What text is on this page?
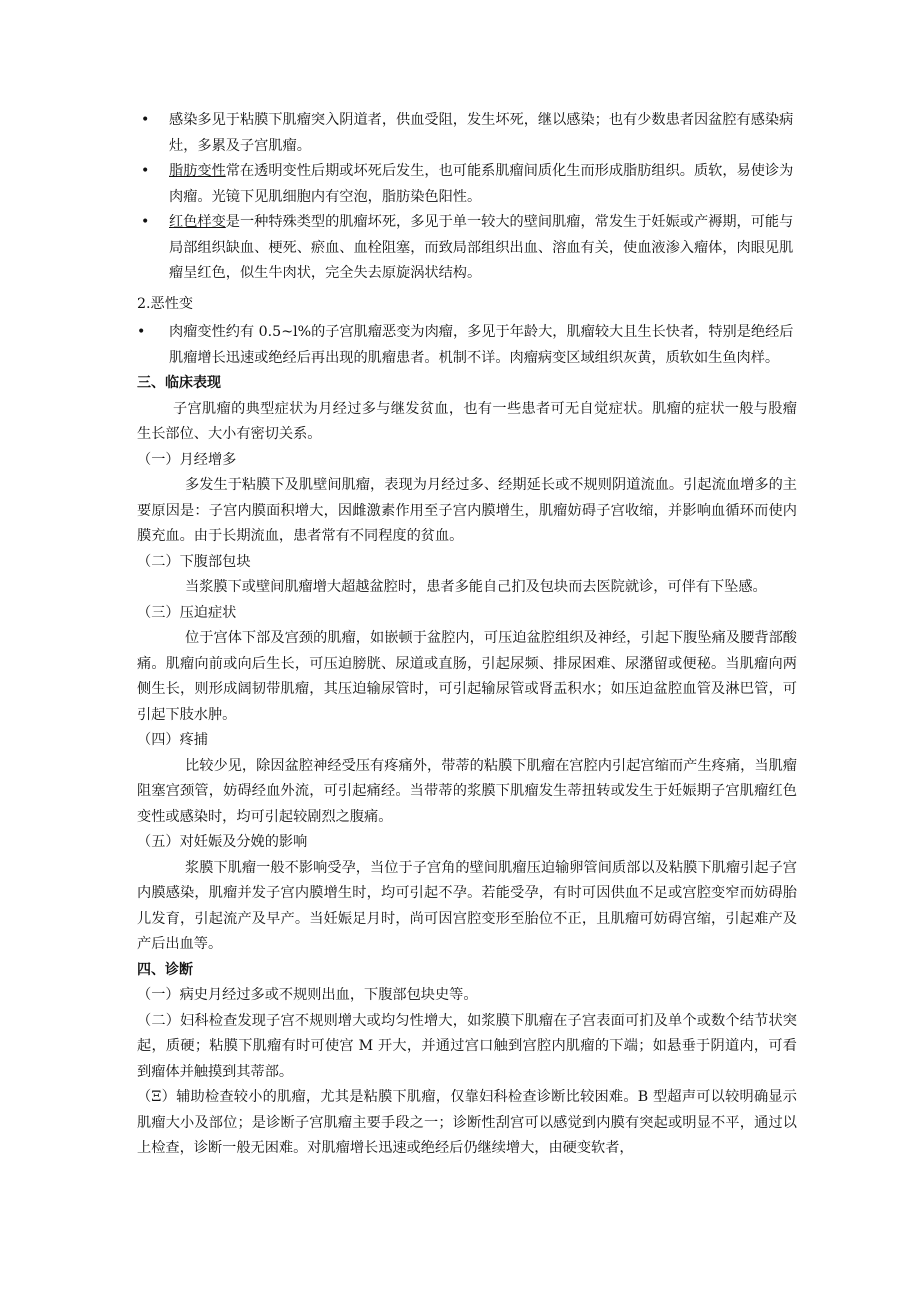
• 感染多见于粘膜下肌瘤突入阴道者，供血受阻，发生坏死，继以感染；也有少数患者因盆腔有感染病灶，多累及子宫肌瘤。
• 脂肪变性常在透明变性后期或坏死后发生，也可能系肌瘤间质化生而形成脂肪组织。质软，易使诊为肉瘤。光镜下见肌细胞内有空泡，脂肪染色阳性。
• 红色样变是一种特殊类型的肌瘤坏死，多见于单一较大的壁间肌瘤，常发生于妊娠或产褥期，可能与局部组织缺血、梗死、瘀血、血栓阻塞，而致局部组织出血、溶血有关，使血液渗入瘤体，肉眼见肌瘤呈红色，似生牛肉状，完全失去原旋涡状结构。
2.恶性变
• 肉瘤变性约有 0.5~l%的子宫肌瘤恶变为肉瘤，多见于年龄大，肌瘤较大且生长快者，特别是绝经后肌瘤增长迅速或绝经后再出现的肌瘤患者。机制不详。肉瘤病变区域组织灰黄，质软如生鱼肉样。
三、临床表现

子宫肌瘤的典型症状为月经过多与继发贫血，也有一些患者可无自觉症状。肌瘤的症状一般与股瘤生长部位、大小有密切关系。

（一）月经增多

多发生于粘膜下及肌壁间肌瘤，表现为月经过多、经期延长或不规则阴道流血。引起流血增多的主要原因是：子宫内膜面积增大，因雌激素作用至子宫内膜增生，肌瘤妨碍子宫收缩，并影响血循环而使内膜充血。由于长期流血，患者常有不同程度的贫血。

（二）下腹部包块

当浆膜下或壁间肌瘤增大超越盆腔时，患者多能自己扪及包块而去医院就诊，可伴有下坠感。

（三）压迫症状

位于宫体下部及宫颈的肌瘤，如嵌顿于盆腔内，可压迫盆腔组织及神经，引起下腹坠痛及腰背部酸痛。肌瘤向前或向后生长，可压迫膀胱、尿道或直肠，引起尿频、排尿困难、尿潴留或便秘。当肌瘤向两侧生长，则形成阔韧带肌瘤，其压迫输尿管时，可引起输尿管或肾盂积水；如压迫盆腔血管及淋巴管，可引起下肢水肿。

（四）疼捕

比较少见，除因盆腔神经受压有疼痛外，带蒂的粘膜下肌瘤在宫腔内引起宫缩而产生疼痛，当肌瘤阻塞宫颈管，妨碍经血外流，可引起痛经。当带蒂的浆膜下肌瘤发生蒂扭转或发生于妊娠期子宫肌瘤红色变性或感染时，均可引起较剧烈之腹痛。

（五）对妊娠及分娩的影响

浆膜下肌瘤一般不影响受孕，当位于子宫角的壁间肌瘤压迫输卵管间质部以及粘膜下肌瘤引起子宫内膜感染，肌瘤并发子宫内膜增生时，均可引起不孕。若能受孕，有时可因供血不足或宫腔变窄而妨碍胎儿发育，引起流产及早产。当妊娠足月时，尚可因宫腔变形至胎位不正，且肌瘤可妨碍宫缩，引起难产及产后出血等。

四、诊断

（一）病史月经过多或不规则出血，下腹部包块史等。

（二）妇科检查发现子宫不规则增大或均匀性增大，如浆膜下肌瘤在子宫表面可扪及单个或数个结节状突起，质硬；粘膜下肌瘤有时可使宫 M 开大，并通过宫口触到宫腔内肌瘤的下端；如悬垂于阴道内，可看到瘤体并触摸到其蒂部。

（Ξ）辅助检查较小的肌瘤，尤其是粘膜下肌瘤，仅靠妇科检查诊断比较困难。B 型超声可以较明确显示肌瘤大小及部位；是诊断子宫肌瘤主要手段之一；诊断性刮宫可以感觉到内膜有突起或明显不平，通过以上检查，诊断一般无困难。对肌瘤增长迅速或绝经后仍继续增大，由硬变软者，
